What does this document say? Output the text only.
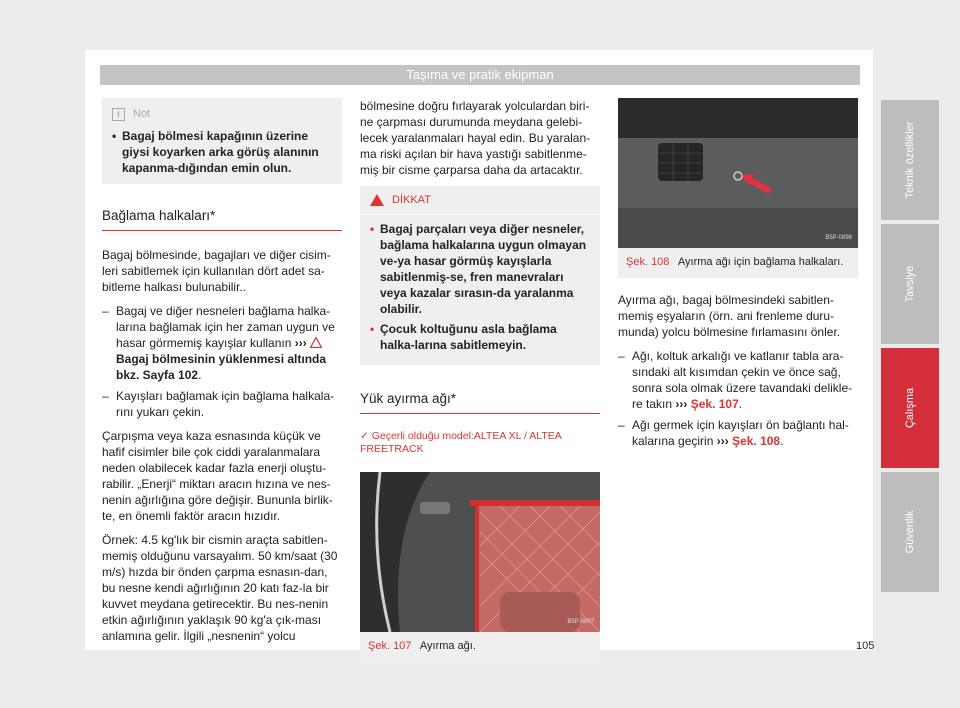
Taşıma ve pratik ekipman
i	Not
• Bagaj bölmesi kapağının üzerine giysi koyarken arka görüş alanının kapanma-dığından emin olun.
Bağlama halkaları*

Bagaj bölmesinde, bagajları ve diğer cisim-leri sabitlemek için kullanılan dört adet sa-bitleme halkası bulunabilir..

– Bagaj ve diğer nesneleri bağlama halka-larına bağlamak için her zaman uygun ve hasar görmemiş kayışlar kullanın ›››  Bagaj bölmesinin yüklenmesi altında bkz. Sayfa 102.
– Kayışları bağlamak için bağlama halkala-rını yukarı çekin.

Çarpışma veya kaza esnasında küçük ve hafif cisimler bile çok ciddi yaralanmalara neden olabilecek kadar fazla enerji oluştu-rabilir. „Enerji“ miktarı aracın hızına ve nes-nenin ağırlığına göre değişir. Bununla birlik-te, en önemli faktör aracın hızıdır.

Örnek: 4.5 kg'lık bir cismin araçta sabitlen-memiş olduğunu varsayalım. 50 km/saat (30 m/s) hızda bir önden çarpma esnasın-dan, bu nesne kendi ağırlığının 20 katı faz-la bir kuvvet meydana getirecektir. Bu nes-nenin etkin ağırlığının yaklaşık 90 kg'a çık-ması anlamına gelir. İlgili „nesnenin“ yolcu

bölmesine doğru fırlayarak yolculardan biri-ne çarpması durumunda meydana gelebi-lecek yaralanmaları hayal edin. Bu yaralan-ma riski açılan bir hava yastığı sabitlenme-miş bir cisme çarparsa daha da artacaktır.

DİKKAT
• Bagaj parçaları veya diğer nesneler, bağlama halkalarına uygun olmayan ve-ya hasar görmüş kayışlarla sabitlenmiş-se, fren manevraları veya kazalar sırasın-da yaralanma olabilir.
• Çocuk koltuğunu asla bağlama halka-larına sabitlemeyin.
Yük ayırma ağı*
✓ Geçerli olduğu model:ALTEA XL / ALTEA FREETRACK
B5P-0897
Şek. 107 Ayırma ağı.
B5P-0898
Şek. 108 Ayırma ağı için bağlama halkaları.

Ayırma ağı, bagaj bölmesindeki sabitlen-memiş eşyaların (örn. ani frenleme duru-munda) yolcu bölmesine fırlamasını önler.

– Ağı, koltuk arkalığı ve katlanır tabla ara-sındaki alt kısımdan çekin ve önce sağ, sonra sola olmak üzere tavandaki delikle-re takın ››› Şek. 107.
– Ağı germek için kayışları ön bağlantı hal-kalarına geçirin ››› Şek. 108.
Teknik özellikler
Tavsiye
Çalışma
Güvenlik
105
